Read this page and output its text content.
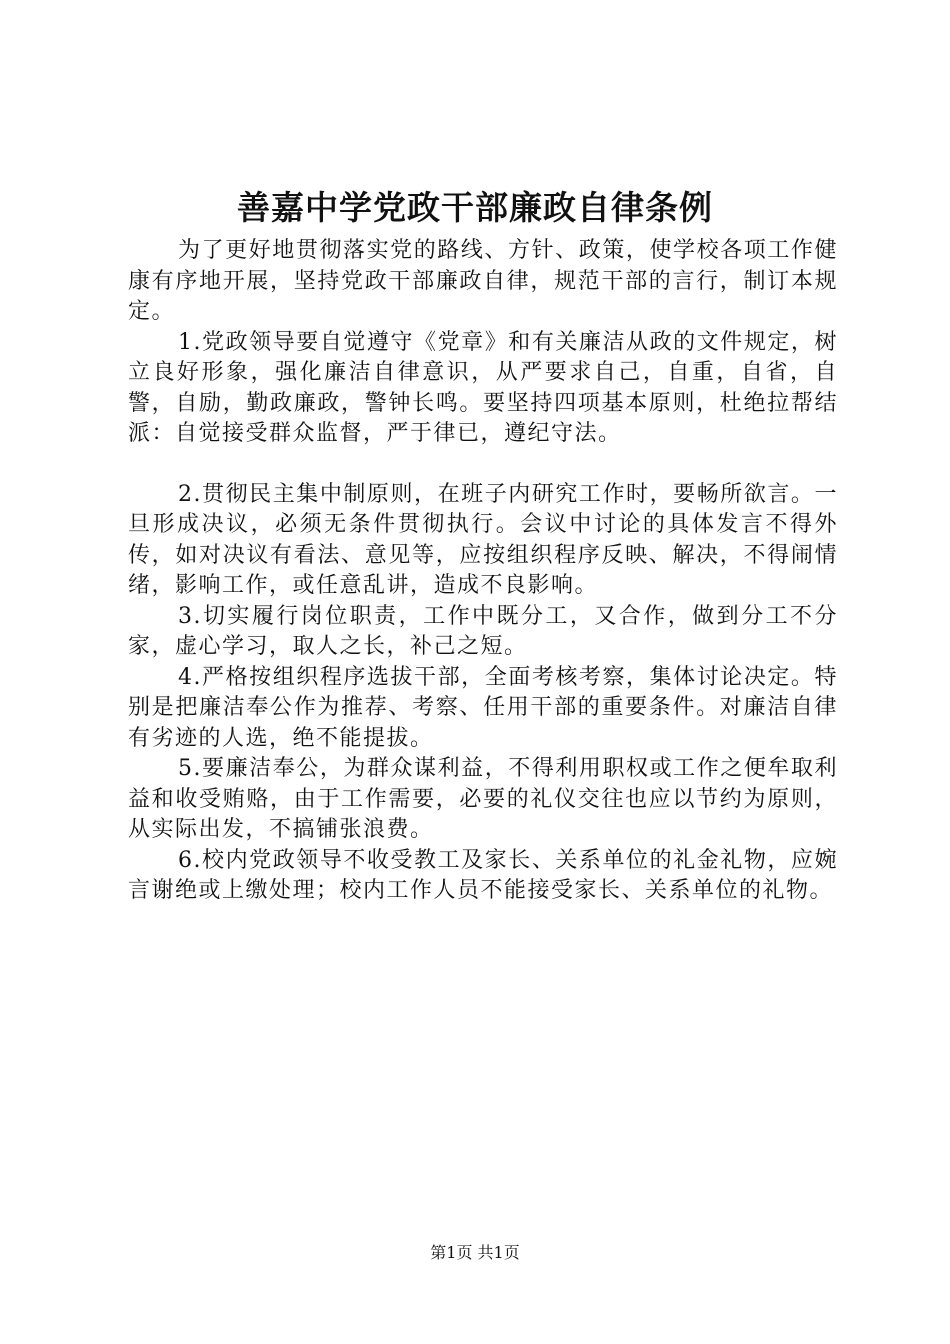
善嘉中学党政干部廉政自律条例

为了更好地贯彻落实党的路线、方针、政策，使学校各项工作健康有序地开展，坚持党政干部廉政自律，规范干部的言行，制订本规定。

1.党政领导要自觉遵守《党章》和有关廉洁从政的文件规定，树立良好形象，强化廉洁自律意识，从严要求自己，自重，自省，自警，自励，勤政廉政，警钟长鸣。要坚持四项基本原则，杜绝拉帮结派：自觉接受群众监督，严于律已，遵纪守法。

2.贯彻民主集中制原则，在班子内研究工作时，要畅所欲言。一旦形成决议，必须无条件贯彻执行。会议中讨论的具体发言不得外传，如对决议有看法、意见等，应按组织程序反映、解决，不得闹情绪，影响工作，或任意乱讲，造成不良影响。

3.切实履行岗位职责，工作中既分工，又合作，做到分工不分家，虚心学习，取人之长，补己之短。

4.严格按组织程序选拔干部，全面考核考察，集体讨论决定。特别是把廉洁奉公作为推荐、考察、任用干部的重要条件。对廉洁自律有劣迹的人选，绝不能提拔。

5.要廉洁奉公，为群众谋利益，不得利用职权或工作之便牟取利益和收受贿赂，由于工作需要，必要的礼仪交往也应以节约为原则，从实际出发，不搞铺张浪费。

6.校内党政领导不收受教工及家长、关系单位的礼金礼物，应婉言谢绝或上缴处理；校内工作人员不能接受家长、关系单位的礼物。

第1页 共1页
